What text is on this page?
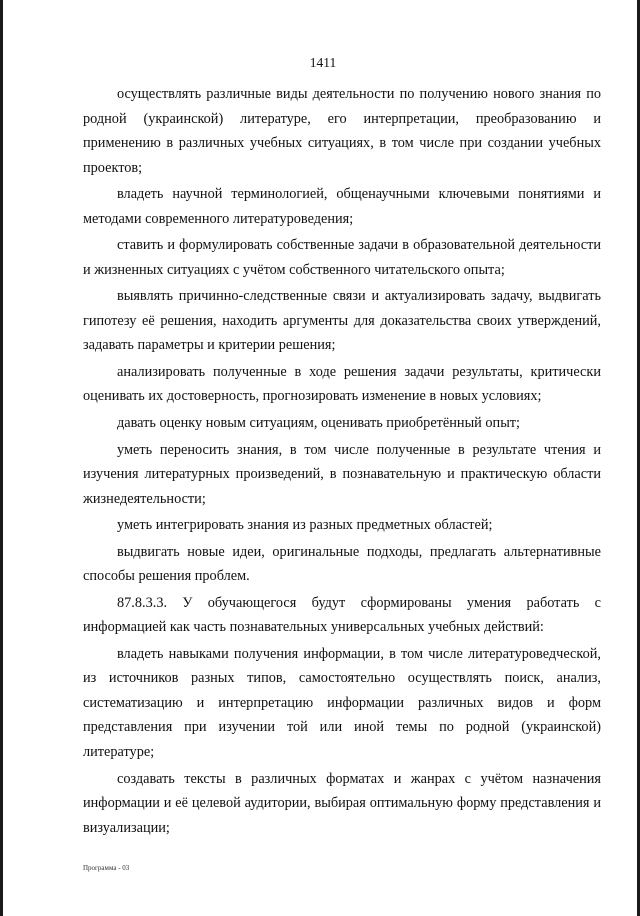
1411

осуществлять различные виды деятельности по получению нового знания по родной (украинской) литературе, его интерпретации, преобразованию и применению в различных учебных ситуациях, в том числе при создании учебных проектов;

владеть научной терминологией, общенаучными ключевыми понятиями и методами современного литературоведения;

ставить и формулировать собственные задачи в образовательной деятельности и жизненных ситуациях с учётом собственного читательского опыта;

выявлять причинно-следственные связи и актуализировать задачу, выдвигать гипотезу её решения, находить аргументы для доказательства своих утверждений, задавать параметры и критерии решения;

анализировать полученные в ходе решения задачи результаты, критически оценивать их достоверность, прогнозировать изменение в новых условиях;

давать оценку новым ситуациям, оценивать приобретённый опыт;

уметь переносить знания, в том числе полученные в результате чтения и изучения литературных произведений, в познавательную и практическую области жизнедеятельности;

уметь интегрировать знания из разных предметных областей;

выдвигать новые идеи, оригинальные подходы, предлагать альтернативные способы решения проблем.

87.8.3.3. У обучающегося будут сформированы умения работать с информацией как часть познавательных универсальных учебных действий:

владеть навыками получения информации, в том числе литературоведческой, из источников разных типов, самостоятельно осуществлять поиск, анализ, систематизацию и интерпретацию информации различных видов и форм представления при изучении той или иной темы по родной (украинской) литературе;

создавать тексты в различных форматах и жанрах с учётом назначения информации и её целевой аудитории, выбирая оптимальную форму представления и визуализации;

Программа - 03
